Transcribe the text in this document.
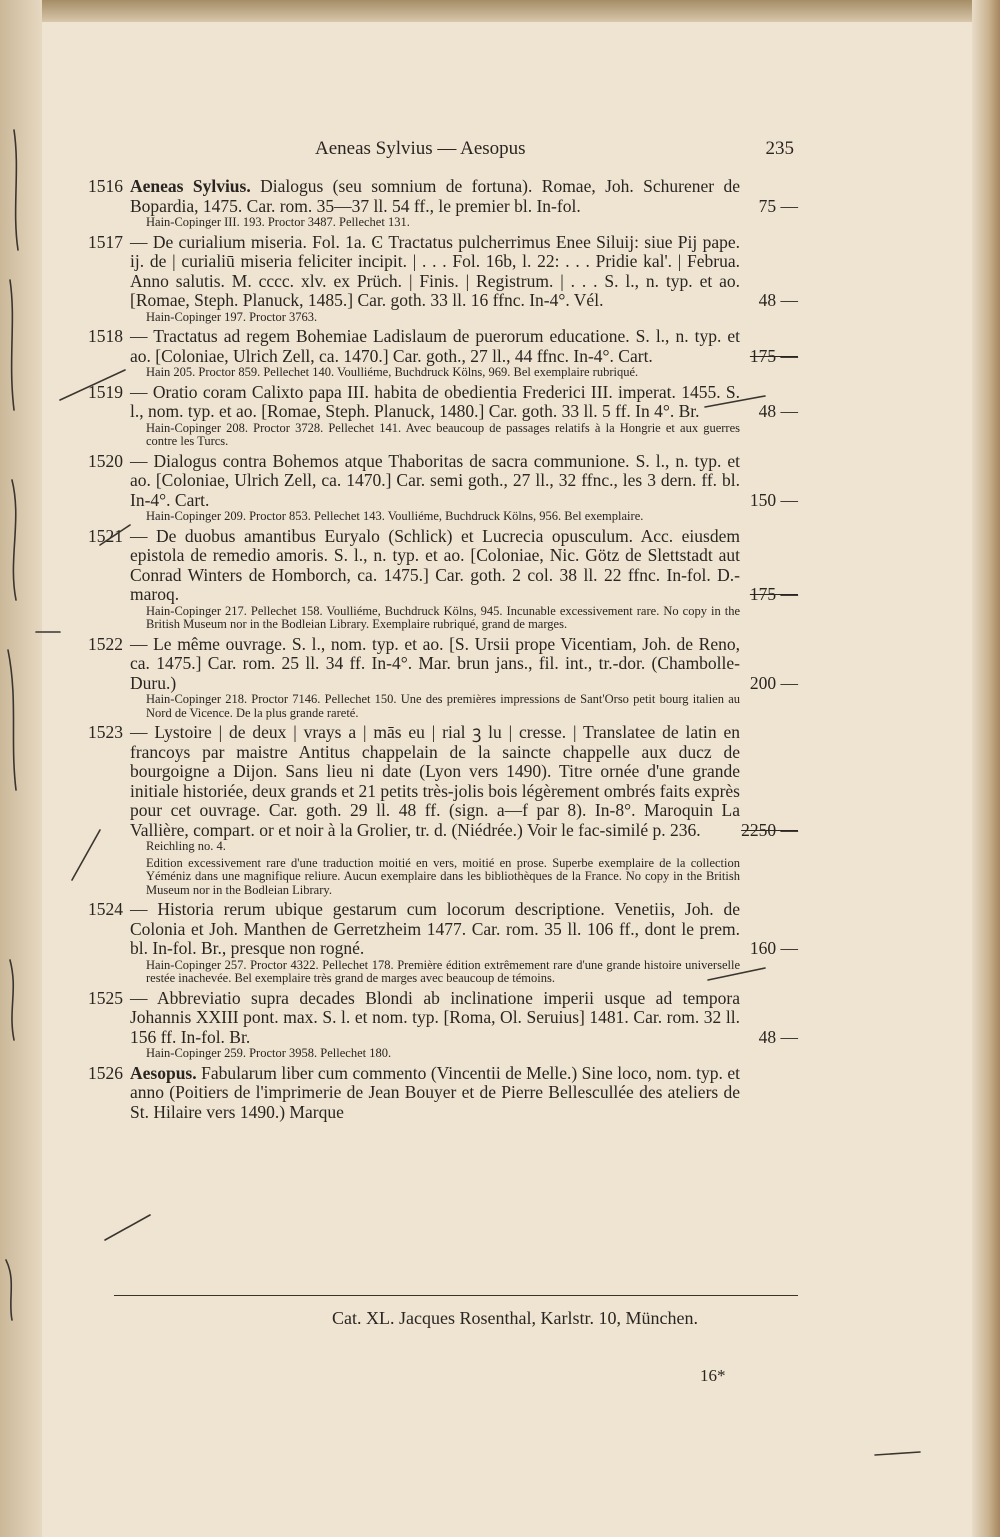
Aeneas Sylvius — Aesopus	235
1516 Aeneas Sylvius. Dialogus (seu somnium de fortuna). Romae, Joh. Schurener de Bopardia, 1475. Car. rom. 35—37 ll. 54 ff., le premier bl. In-fol.	75 —
Hain-Copinger III. 193. Proctor 3487. Pellechet 131.
1517 — De curialium miseria. Fol. 1a. Ͼ Tractatus pulcherrimus Enee Siluij: siue Pij pape. ij. de | curialiū miseria feliciter incipit. | . . . Fol. 16b, l. 22: . . . Pridie kal'. | Februa. Anno salutis. M. cccc. xlv. ex Prüch. | Finis. | Registrum. | . . . S. l., n. typ. et ao. [Romae, Steph. Planuck, 1485.] Car. goth. 33 ll. 16 ffnc. In-4°. Vél.	48 —
Hain-Copinger 197. Proctor 3763.
1518 — Tractatus ad regem Bohemiae Ladislaum de puerorum educatione. S. l., n. typ. et ao. [Coloniae, Ulrich Zell, ca. 1470.] Car. goth., 27 ll., 44 ffnc. In-4°. Cart.	175 —
Hain 205. Proctor 859. Pellechet 140. Voulliéme, Buchdruck Kölns, 969. Bel exemplaire rubriqué.
1519 — Oratio coram Calixto papa III. habita de obedientia Frederici III. imperat. 1455. S. l., nom. typ. et ao. [Romae, Steph. Planuck, 1480.] Car. goth. 33 ll. 5 ff. In 4°. Br.	48 —
Hain-Copinger 208. Proctor 3728. Pellechet 141. Avec beaucoup de passages relatifs à la Hongrie et aux guerres contre les Turcs.
1520 — Dialogus contra Bohemos atque Thaboritas de sacra communione. S. l., n. typ. et ao. [Coloniae, Ulrich Zell, ca. 1470.] Car. semi goth., 27 ll., 32 ffnc., les 3 dern. ff. bl. In-4°. Cart.	150 —
Hain-Copinger 209. Proctor 853. Pellechet 143. Voulliéme, Buchdruck Kölns, 956. Bel exemplaire.
1521 — De duobus amantibus Euryalo (Schlick) et Lucrecia opusculum. Acc. eiusdem epistola de remedio amoris. S. l., n. typ. et ao. [Coloniae, Nic. Götz de Slettstadt aut Conrad Winters de Homborch, ca. 1475.] Car. goth. 2 col. 38 ll. 22 ffnc. In-fol. D.-maroq.	175 —
Hain-Copinger 217. Pellechet 158. Voulliéme, Buchdruck Kölns, 945. Incunable excessivement rare. No copy in the British Museum nor in the Bodleian Library. Exemplaire rubriqué, grand de marges.
1522 — Le même ouvrage. S. l., nom. typ. et ao. [S. Ursii prope Vicentiam, Joh. de Reno, ca. 1475.] Car. rom. 25 ll. 34 ff. In-4°. Mar. brun jans., fil. int., tr.-dor. (Chambolle-Duru.)	200 —
Hain-Copinger 218. Proctor 7146. Pellechet 150. Une des premières impressions de Sant'Orso petit bourg italien au Nord de Vicence. De la plus grande rareté.
1523 — Lystoire | de deux | vrays a | mās eu | rial ꝫ lu | cresse. | Translatee de latin en francoys par maistre Antitus chappelain de la saincte chappelle aux ducz de bourgoigne a Dijon. Sans lieu ni date (Lyon vers 1490). Titre ornée d'une grande initiale historiée, deux grands et 21 petits très-jolis bois légèrement ombrés faits exprès pour cet ouvrage. Car. goth. 29 ll. 48 ff. (sign. a—f par 8). In-8°. Maroquin La Vallière, compart. or et noir à la Grolier, tr. d. (Niédrée.) Voir le fac-similé p. 236. 2250 —
Reichling no. 4.
Edition excessivement rare d'une traduction moitié en vers, moitié en prose. Superbe exemplaire de la collection Yéméniz dans une magnifique reliure. Aucun exemplaire dans les bibliothèques de la France. No copy in the British Museum nor in the Bodleian Library.
1524 — Historia rerum ubique gestarum cum locorum descriptione. Venetiis, Joh. de Colonia et Joh. Manthen de Gerretzheim 1477. Car. rom. 35 ll. 106 ff., dont le prem. bl. In-fol. Br., presque non rogné.	160 —
Hain-Copinger 257. Proctor 4322. Pellechet 178. Première édition extrêmement rare d'une grande histoire universelle restée inachevée. Bel exemplaire très grand de marges avec beaucoup de témoins.
1525 — Abbreviatio supra decades Blondi ab inclinatione imperii usque ad tempora Johannis XXIII pont. max. S. l. et nom. typ. [Roma, Ol. Seruius] 1481. Car. rom. 32 ll. 156 ff. In-fol. Br.	48 —
Hain-Copinger 259. Proctor 3958. Pellechet 180.
1526 Aesopus. Fabularum liber cum commento (Vincentii de Melle.) Sine loco, nom. typ. et anno (Poitiers de l'imprimerie de Jean Bouyer et de Pierre Bellescullée des ateliers de St. Hilaire vers 1490.) Marque
Cat. XL. Jacques Rosenthal, Karlstr. 10, München.
16*
